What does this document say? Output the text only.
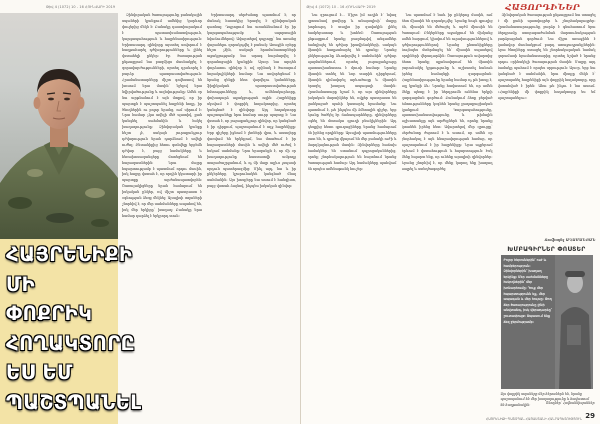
Թիվ 4 (1072) 10 - 16 ՀՈՒՆՎԱՐԻ 2019
ՀԱՅՐԵՆԻՔԻ ՄԻ ՓՈՔՐԻԿ ՀՈՂԱԿՏՈՐԸ ԵՍ ԵՄ ՊԱՇՏՊԱՆԵԼ

Զինվորական ծառայությունը բանակային սպաների կյանքում ամենից կարևոր փուլերից մեկն է։ Բանակը դաստիարակում է պատասխանատվություն, կարգապահություն և հայրենասիրություն։ Երիտասարդ զինվորը այստեղ սովորում է հաղթահարել դժվարությունները և լինել վստահելի ընկեր։ Իր ծառայության ընթացքում նա բազմիցս մասնակցել է զորավարժությունների, որտեղ դրսևորել է բարձր պատրաստվածություն։ Հրամանատարները միշտ գովեստով են խոսում նրա մասին՝ նշելով նրա նվիրվածությունը և ազնվությունը։ Ամեն օր նա արթնանում է այն մտքով, որ իր պարտքն է պաշտպանել հայրենի հողը, իր ծնողներին ու բոլոր նրանց, ում սիրում է։ Նրա համար չկա ավելի մեծ պատիվ, քան կանգնել սահմանին և հսկել խաղաղությունը։ Զինվորական կյանքը հեշտ չէ, սակայն յուրաքանչյուր դժվարություն նրան դարձնում է ավելի ուժեղ։ Ընտանիքից հեռու գտնվելը երբեմն դժվար է, բայց նամակները և հեռախոսազանգերը մոտեցնում են հարազատներին։ Նրա մայրը հպարտությամբ է պատմում որդու մասին, իսկ հայրը վստահ է, որ որդին կկատարի իր պարտքը արժանապատվորեն։ Ծառայակիցները նրան համարում են իսկական ընկեր, ով միշտ պատրաստ է օգնության ձեռք մեկնել։ Այսպիսի տղաների շնորհիվ է, որ մեր սահմանները ապահով են, իսկ մեր երկիրը՝ խաղաղ։ Բանակը նրա համար դարձել է երկրորդ տուն։

Երիտասարդ սերժանտը պատմում է, որ մանուկ հասակից երազել է զինվորական դառնալ։ Դպրոցում նա առանձնանում էր իր կարգապահությամբ և սպորտային նվաճումներով։ Ավարտելով դպրոցը՝ նա առանց վարանելու զորակոչվել է բանակ։ Առաջին օրերը հեշտ չէին, սակայն հրամանատարների աջակցությամբ նա արագ հարմարվել է զորանոցային կյանքին։ Այսօր նա արդեն փորձառու զինվոր է, ով օրինակ է ծառայում նորակոչիկների համար։ Նա սովորեցնում է նրանց զենքի հետ վարվելու կանոնները, ֆիզիկական պատրաստվածության հմտությունները և, ամենակարևորը, փոխադարձ աջակցության ոգին։ Հայրենիքը սկսվում է փոքրիկ հողակտորից, որտեղ կանգնած է զինվորը։ Այդ հողակտորը պաշտպանելը նրա համար սուրբ պարտք է։ Նա վստահ է, որ յուրաքանչյուր զինվոր, որ կանգնած է իր դիրքում, պաշտպանում է ողջ հայրենիքը։ Երբ գիշերը իջնում է լեռների վրա, և աստղերը վառվում են երկնքում, նա մտածում է իր հարազատների մասին և ավելի մեծ ուժով է հսկում սահմանը։ Նրա երազանքն է, որ մի օր խաղաղությունը հաստատվի ամբողջ տարածաշրջանում, և ոչ մի մայր այլևս չսպասի որդուն պատերազմից։ Մինչ այդ, նա և իր ընկերները կշարունակեն կանգնած մնալ սահմանին։ Այս խոսքերը նա ասում է հանգիստ, բայց վստահ ձայնով, ինչպես իսկական զինվոր։

Թիվ 4 (1072) 10 - 16 ՀՈՒՆՎԱՐԻ 2019	ՀԱՅՈՐԴԻՆԵՐ

Նա զրուցում է... Միշտ իմ ուղին է՝ նվազ զբոսանավ ցավերը և անայսպիսի՝ մայրը խորհուրդ է տալիս իր զավակին լինել համբերատար և խոհեմ։ Ծառայության ընթացքում նրանք բազմաթիվ անգամներ հանդիպել են դժվար իրավիճակների, սակայն միասին հաղթահարել են դրանք։ Նրանց ընկերությունը ձևավորվել է սահմանին՝ դժվար պայմաններում, որտեղ յուրաքանչյուրը պատասխանատու է մյուսի համար։ Նրանք միասին տոնել են Նոր տարին դիրքերում, միասին դիմավորել արևածագը և միասին երազել խաղաղ ապագայի մասին։ Հրամանատարը նշում է, որ այս զինվորները իսկական մարտիկներ են, ովքեր պատրաստ են ցանկացած պահի կատարել հրամանը։ Նա պատմում է, թե ինչպես մի ձմեռային գիշեր, երբ ձյունը ծածկել էր ճանապարհները, զինվորները օգնել են մոտակա գյուղի բնակիչներին։ Այդ դեպքից հետո գյուղացիները նրանց համարում են իրենց որդիները։ Այսպիսի պատմությունները շատ են, և դրանք վկայում են մեր բանակի ուժի և մարդկայնության մասին։ Զինվորները հաճախ նամակներ են ստանում դպրոցականներից, որոնք շնորհակալություն են հայտնում նրանց ծառայության համար։ Այդ նամակները պահվում են որպես ամենաթանկ հուշեր։

Նա պատմում է նաև իր ընկերոջ մասին, ում հետ միասին են զորակոչվել։ Նրանք նույն գյուղից են, միասին են մեծացել և այժմ միասին են ծառայում։ Ընկերները աջակցում են միմյանց ամեն հարցում, կիսվում են ուրախություններով և դժվարություններով։ Նրանց ընտանիքները նույնպես մտերմացել են՝ միասին սպասելով որդիների վերադարձին։ Ծառայության ավարտից հետո նրանք պլանավորում են միասին շարունակել կրթությունը և աշխատել հանուն իրենց համայնքի զարգացման։ Հայրենասիրությունը նրանց համար ոչ թե խոսք է, այլ կյանքի ձև։ Նրանք հավատում են, որ ամեն մեկը պետք է իր ներդրումն ունենա երկրի զարգացման գործում։ Բանակում ձեռք բերված հմտությունները կօգնեն նրանց քաղաքացիական կյանքում։ Կարգապահությունը, պատասխանատվությունը և թիմային աշխատանքը այն արժեքներն են, որոնք նրանք կտանեն իրենց հետ։ Ավարտելով մեր զրույցը՝ սերժանտը ժպտում է և ասում, որ ամեն օր շնորհակալ է այն հնարավորության համար, որ պաշտպանում է իր հայրենիքը։ Նրա աչքերում երևում է վստահություն և հպարտություն։ Իսկ մենք հպարտ ենք, որ ունենք այսպիսի զինվորներ։ Նրանց շնորհիվ է, որ մենք կարող ենք խաղաղ ապրել և ստեղծագործել։

Զինվորական ծառայության ընթացքում նա ստացել է մի քանի պատվոգրեր և շնորհակալագրեր։ Հրամանատարությունը բարձր է գնահատում նրա ներդրումը ստորաբաժանման մարտունակության բարձրացման գործում։ Նա միշտ առաջինն է կամավոր մասնակցում բարդ առաջադրանքներին։ Նրա ծնողները ստացել են շնորհակալական նամակ զորամասի հրամանատարից, որտեղ նշված է նրանց որդու օրինակելի ծառայության մասին։ Մայրը այդ նամակը պահում է որպես սրբություն։ Այսօր, երբ նա կանգնած է սահմանին, նրա միտքը մեկն է՝ պաշտպանել հայրենիքի այն փոքրիկ հողակտորը, որը վստահված է իրեն։ Ահա թե ինչու է նա ասում. «Հայրենիքի մի փոքրիկ հողակտորը ես եմ պաշտպանելու»։

Ռաֆայել ԱՂԱՄԱՆՅԱՆ

ԽՄԲԱԳԻՐՆԵՐ ՓՈՍՏԵՐ

Բոլոր հերոսներին՝ ուժ և համբերություն։ Զինվորներին՝ խաղաղ երկինք։ Մեր սահմանները հսկողներին՝ մեր խոնարհումը։ Դուք մեր հպարտությունն եք, մեր ապագան և մեր հույսը։ Թող ձեր ծառայությունը լինի անվտանգ, իսկ վերադարձը՝ շուտափույթ։ Սպասում ենք ձեզ ջերմությամբ։

Այս փոքրիկ տղաները մեր հերոսներն են, նրանք պաշտպանում են մեր խաղաղությունը և հավատում են հաղթանակին։	Ծնողներ՝ Հովհաննիսյաններ

ՀԱՅՐԵՆԻՔԻ ՊԱՇՏՊԱՆ ՀԱՅԱՍՏԱՆԻ ՀԱՆՐԱՊԵՏՈՒԹՅՈՒՆ 29
